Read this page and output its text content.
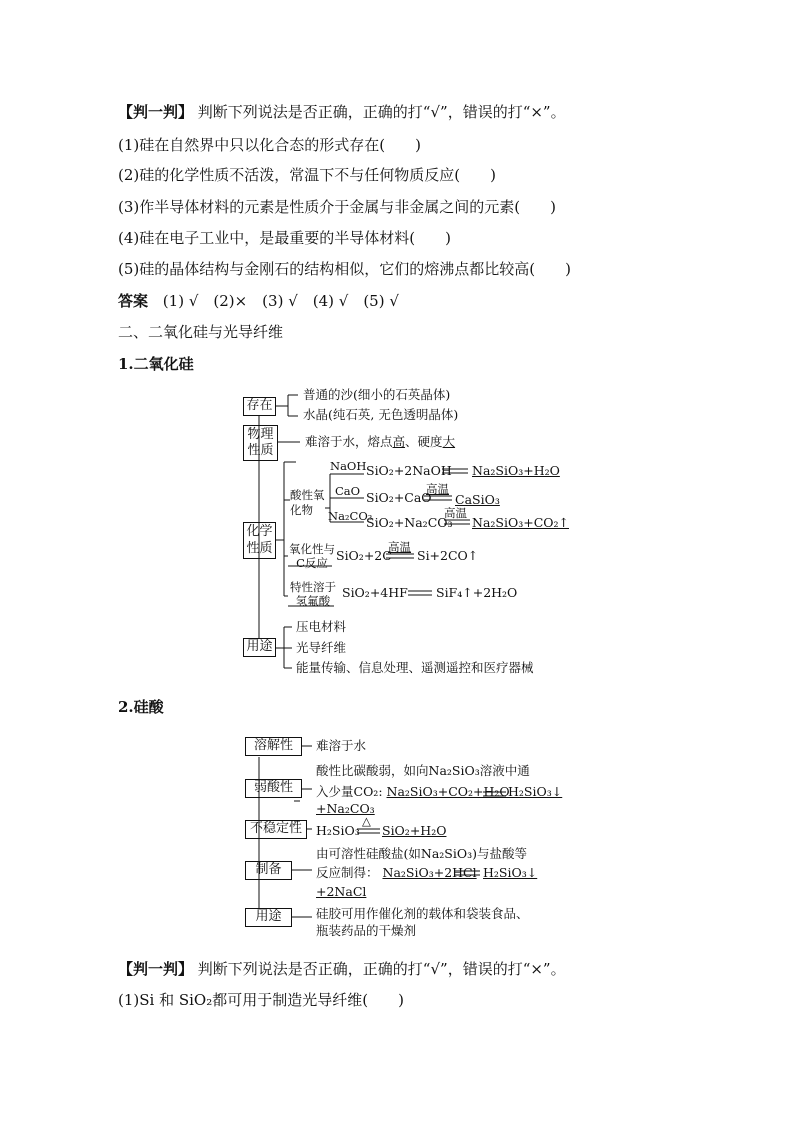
【判一判】 判断下列说法是否正确，正确的打“√”，错误的打“×”。
(1)硅在自然界中只以化合态的形式存在(　　)
(2)硅的化学性质不活泼，常温下不与任何物质反应(　　)
(3)作半导体材料的元素是性质介于金属与非金属之间的元素(　　)
(4)硅在电子工业中，是最重要的半导体材料(　　)
(5)硅的晶体结构与金刚石的结构相似，它们的熔沸点都比较高(　　)
答案 (1) √　(2)×　(3) √　(4) √　(5) √
二、二氧化硅与光导纤维
1.二氧化硅
存在
物理性质
化学性质
用途
普通的沙(细小的石英晶体)
水晶(纯石英, 无色透明晶体)
难溶于水，熔点高、硬度大
酸性氧化物
NaOH
CaO
Na₂CO₃
SiO₂+2NaOH Na₂SiO₃+H₂O
SiO₂+CaO
高温
CaSiO₃
SiO₂+Na₂CO₃
高温
Na₂SiO₃+CO₂↑
氧化性与C反应
SiO₂+2C
高温
Si+2CO↑
特性溶于氢氟酸
SiO₂+4HF SiF₄↑+2H₂O
压电材料
光导纤维
能量传输、信息处理、遥测遥控和医疗器械
2.硅酸
溶解性
弱酸性
不稳定性
制备
用途
难溶于水
酸性比碳酸弱，如向Na₂SiO₃溶液中通
入少量CO₂: Na₂SiO₃+CO₂+H₂O
H₂SiO₃↓
+Na₂CO₃
H₂SiO₃
△
SiO₂+H₂O
由可溶性硅酸盐(如Na₂SiO₃)与盐酸等
反应制得： Na₂SiO₃+2HCl H₂SiO₃↓
+2NaCl
硅胶可用作催化剂的载体和袋装食品、
瓶装药品的干燥剂
【判一判】 判断下列说法是否正确，正确的打“√”，错误的打“×”。
(1)Si 和 SiO₂都可用于制造光导纤维(　　)
